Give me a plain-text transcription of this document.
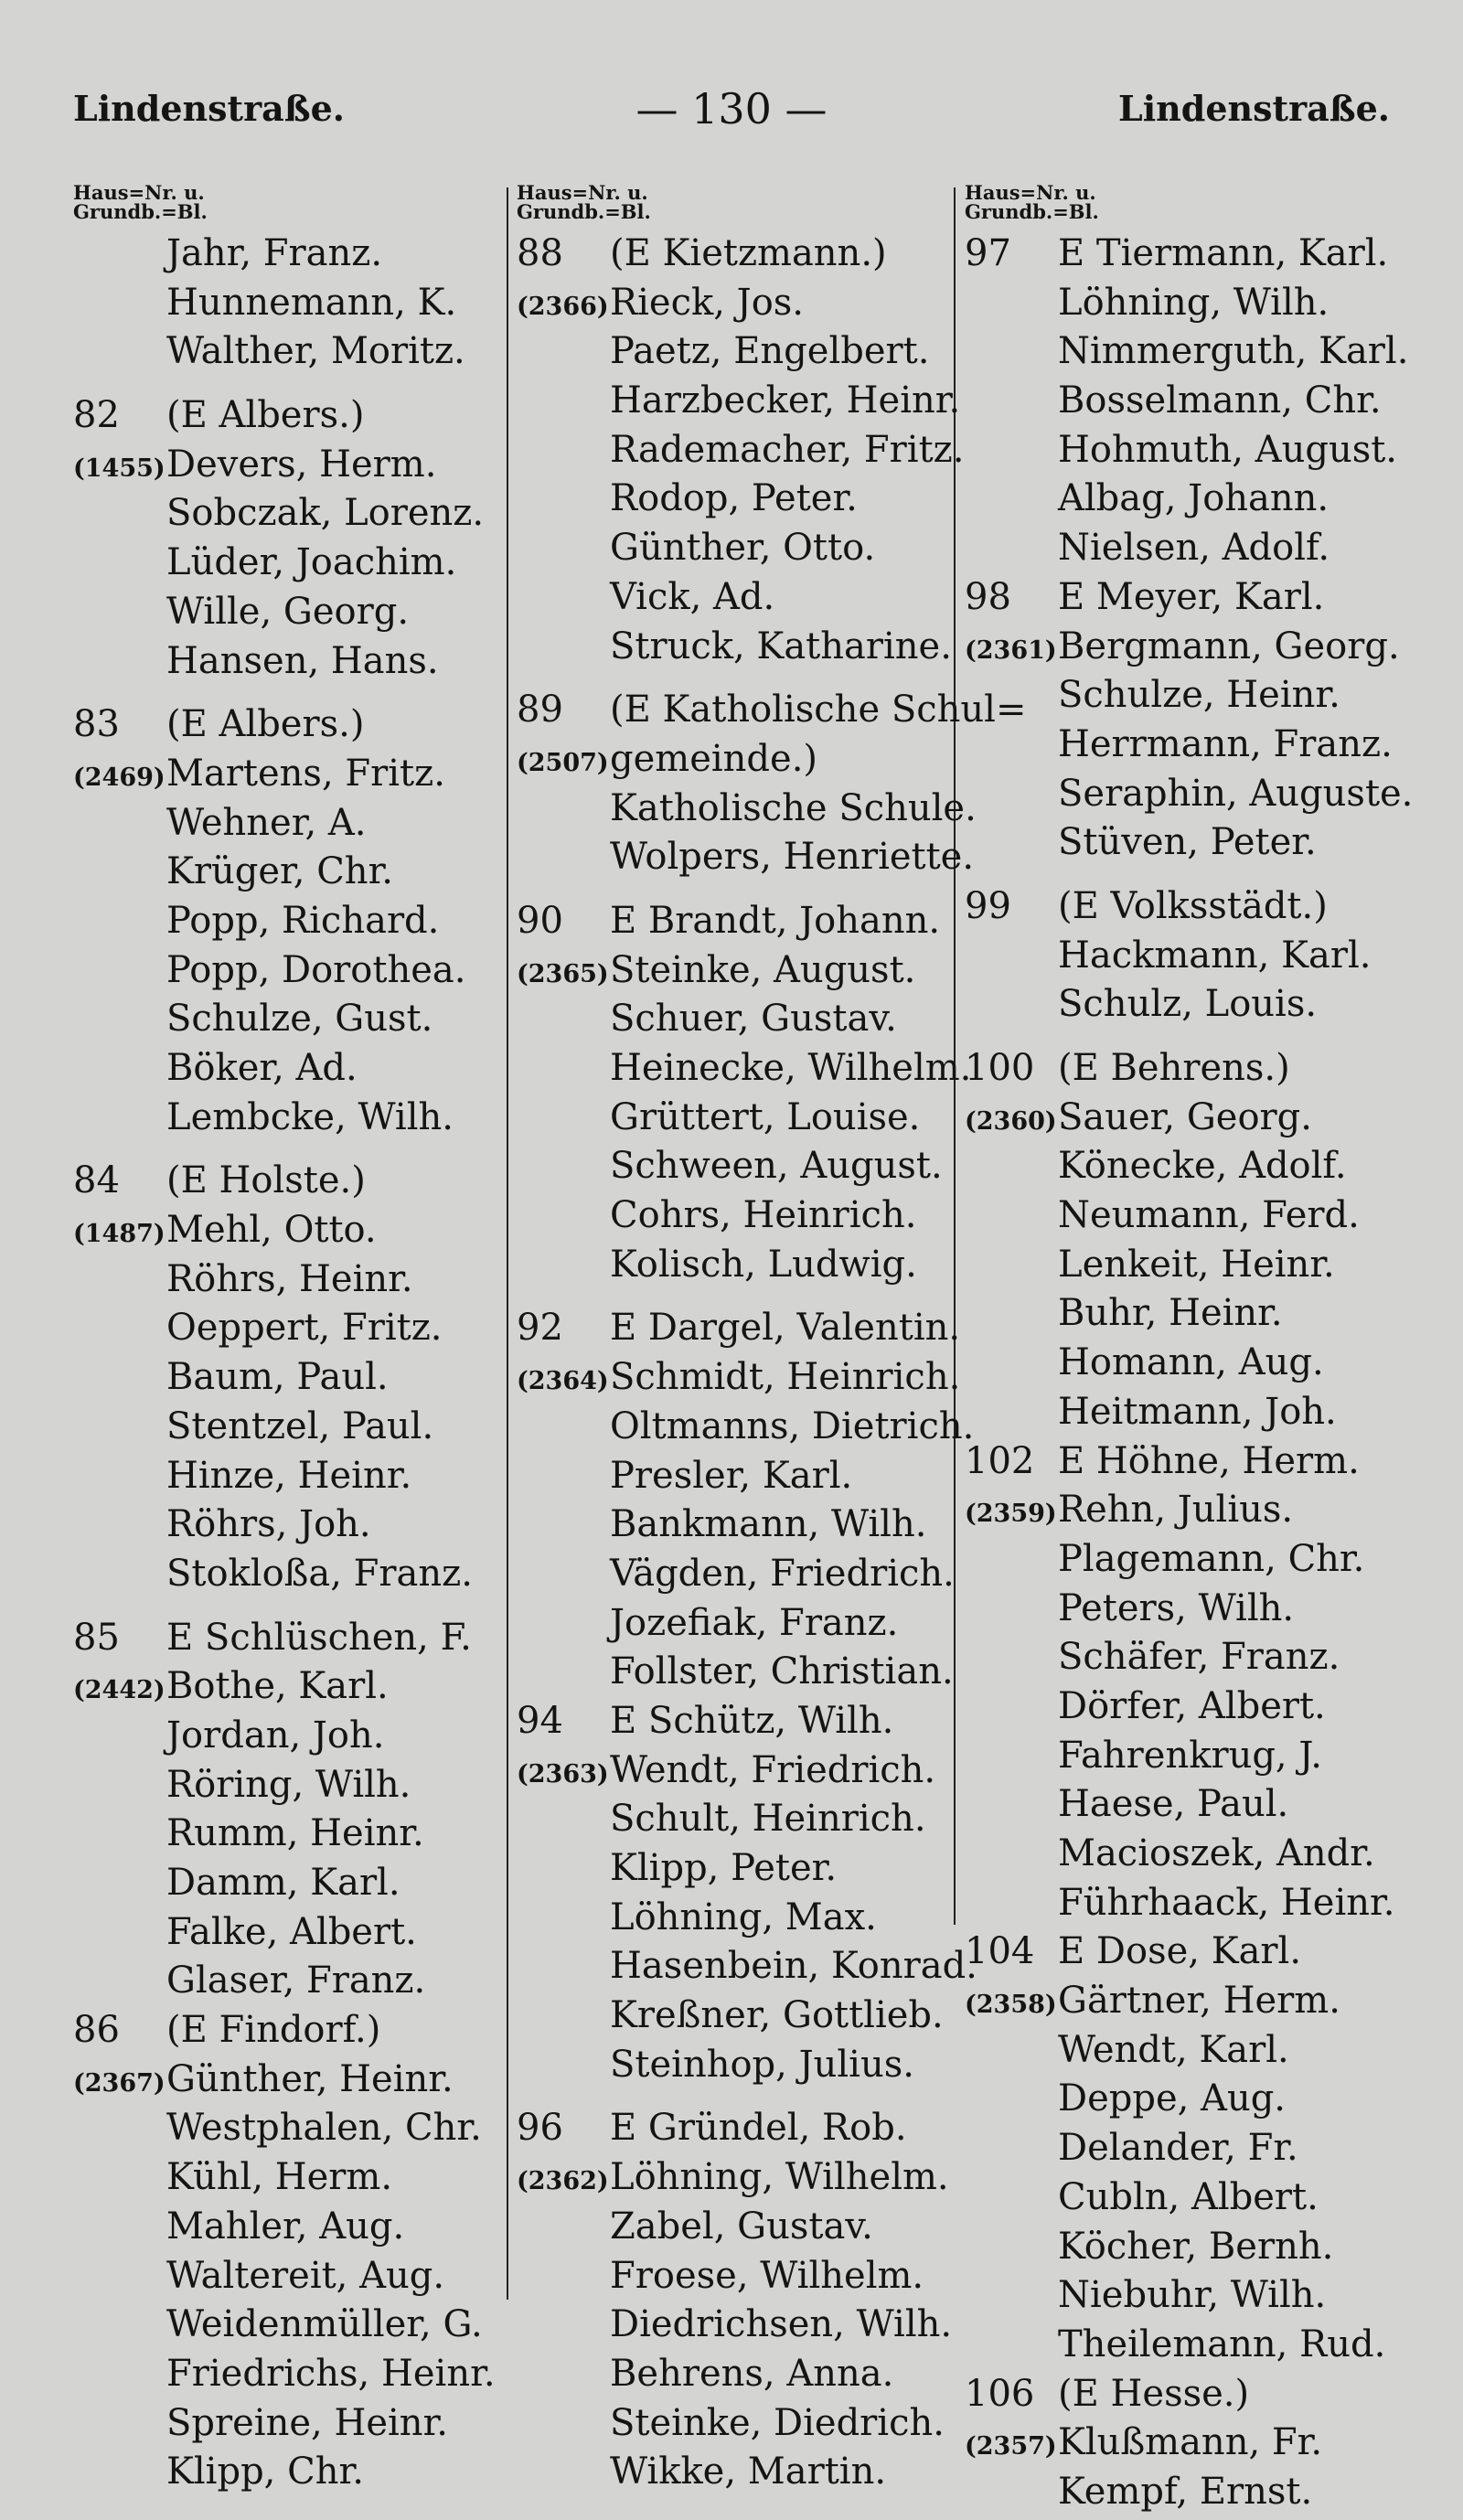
Lindenstraße.	— 130 —	Lindenstraße.
Haus=Nr. u.
Grundb.=Bl.
Jahr, Franz.
Hunnemann, K.
Walther, Moritz.
82	(E Albers.)
(1455) Devers, Herm.
Sobczak, Lorenz.
Lüder, Joachim.
Wille, Georg.
Hansen, Hans.
83	(E Albers.)
(2469) Martens, Fritz.
Wehner, A.
Krüger, Chr.
Popp, Richard.
Popp, Dorothea.
Schulze, Gust.
Böker, Ad.
Lembcke, Wilh.
84	(E Holste.)
(1487) Mehl, Otto.
Röhrs, Heinr.
Oeppert, Fritz.
Baum, Paul.
Stentzel, Paul.
Hinze, Heinr.
Röhrs, Joh.
Stokloßa, Franz.
85	E Schlüschen, F.
(2442) Bothe, Karl.
Jordan, Joh.
Röring, Wilh.
Rumm, Heinr.
Damm, Karl.
Falke, Albert.
Glaser, Franz.
86	(E Findorf.)
(2367) Günther, Heinr.
Westphalen, Chr.
Kühl, Herm.
Mahler, Aug.
Waltereit, Aug.
Weidenmüller, G.
Friedrichs, Heinr.
Spreine, Heinr.
Klipp, Chr.
Haus=Nr. u.
Grundb.=Bl.
88	(E Kietzmann.)
(2366) Rieck, Jos.
Paetz, Engelbert.
Harzbecker, Heinr.
Rademacher, Fritz.
Rodop, Peter.
Günther, Otto.
Vick, Ad.
Struck, Katharine.
89	(E Katholische Schul=
(2507) gemeinde.)
Katholische Schule.
Wolpers, Henriette.
90	E Brandt, Johann.
(2365) Steinke, August.
Schuer, Gustav.
Heinecke, Wilhelm.
Grüttert, Louise.
Schween, August.
Cohrs, Heinrich.
Kolisch, Ludwig.
92	E Dargel, Valentin.
(2364) Schmidt, Heinrich.
Oltmanns, Dietrich.
Presler, Karl.
Bankmann, Wilh.
Vägden, Friedrich.
Jozefiak, Franz.
Follster, Christian.
94	E Schütz, Wilh.
(2363) Wendt, Friedrich.
Schult, Heinrich.
Klipp, Peter.
Löhning, Max.
Hasenbein, Konrad.
Kreßner, Gottlieb.
Steinhop, Julius.
96	E Gründel, Rob.
(2362) Löhning, Wilhelm.
Zabel, Gustav.
Froese, Wilhelm.
Diedrichsen, Wilh.
Behrens, Anna.
Steinke, Diedrich.
Wikke, Martin.
Haus=Nr. u.
Grundb.=Bl.
97	E Tiermann, Karl.
Löhning, Wilh.
Nimmerguth, Karl.
Bosselmann, Chr.
Hohmuth, August.
Albag, Johann.
Nielsen, Adolf.
98	E Meyer, Karl.
(2361) Bergmann, Georg.
Schulze, Heinr.
Herrmann, Franz.
Seraphin, Auguste.
Stüven, Peter.
99	(E Volksstädt.)
Hackmann, Karl.
Schulz, Louis.
100 (E Behrens.)
(2360) Sauer, Georg.
Könecke, Adolf.
Neumann, Ferd.
Lenkeit, Heinr.
Buhr, Heinr.
Homann, Aug.
Heitmann, Joh.
102 E Höhne, Herm.
(2359) Rehn, Julius.
Plagemann, Chr.
Peters, Wilh.
Schäfer, Franz.
Dörfer, Albert.
Fahrenkrug, J.
Haese, Paul.
Macioszek, Andr.
Führhaack, Heinr.
104 E Dose, Karl.
(2358) Gärtner, Herm.
Wendt, Karl.
Deppe, Aug.
Delander, Fr.
Cubln, Albert.
Köcher, Bernh.
Niebuhr, Wilh.
Theilemann, Rud.
106 (E Hesse.)
(2357) Klußmann, Fr.
Kempf, Ernst.
